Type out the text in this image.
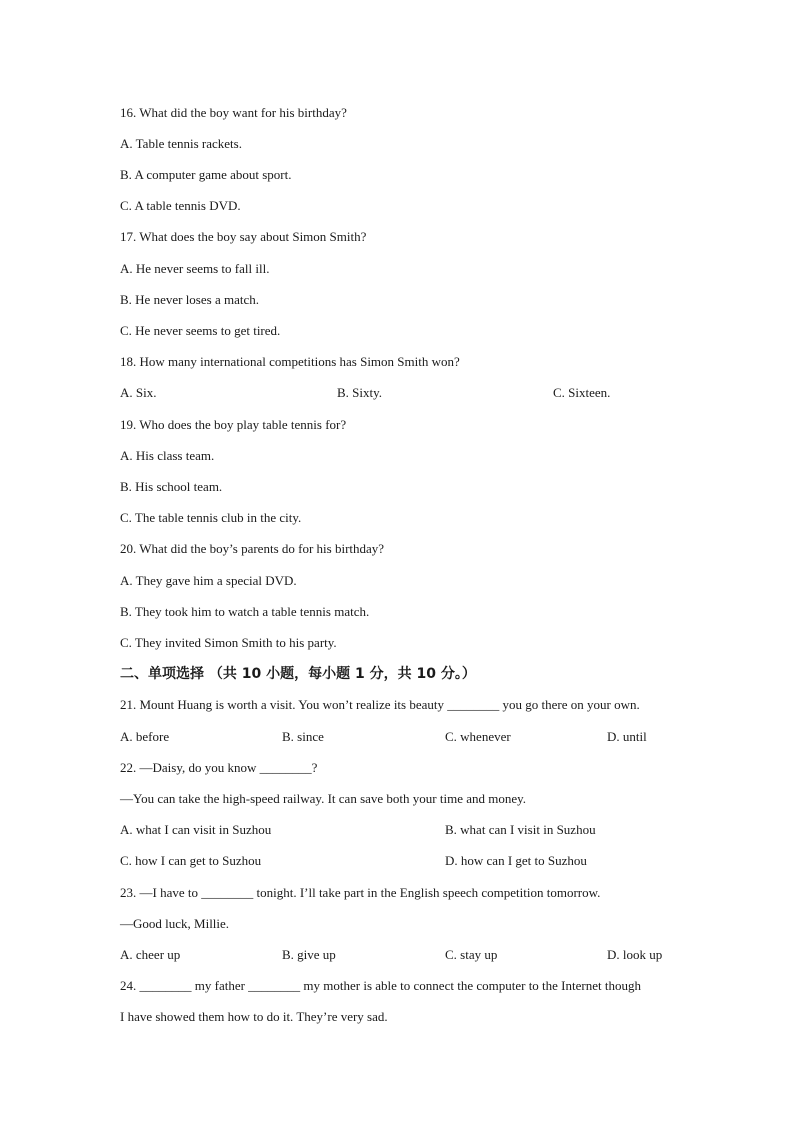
16. What did the boy want for his birthday?
A. Table tennis rackets.
B. A computer game about sport.
C. A table tennis DVD.
17. What does the boy say about Simon Smith?
A. He never seems to fall ill.
B. He never loses a match.
C. He never seems to get tired.
18. How many international competitions has Simon Smith won?
A. Six.	B. Sixty.	C. Sixteen.
19. Who does the boy play table tennis for?
A. His class team.
B. His school team.
C. The table tennis club in the city.
20. What did the boy’s parents do for his birthday?
A. They gave him a special DVD.
B. They took him to watch a table tennis match.
C. They invited Simon Smith to his party.
二、单项选择 （共 10 小题，每小题 1 分，共 10 分。）
21. Mount Huang is worth a visit. You won’t realize its beauty ________ you go there on your own.
A. before	B. since	C. whenever	D. until
22. —Daisy, do you know ________?
—You can take the high-speed railway. It can save both your time and money.
A. what I can visit in Suzhou	B. what can I visit in Suzhou
C. how I can get to Suzhou	D. how can I get to Suzhou
23. —I have to ________ tonight. I’ll take part in the English speech competition tomorrow.
—Good luck, Millie.
A. cheer up	B. give up	C. stay up	D. look up
24. ________ my father ________ my mother is able to connect the computer to the Internet though
I have showed them how to do it. They’re very sad.
